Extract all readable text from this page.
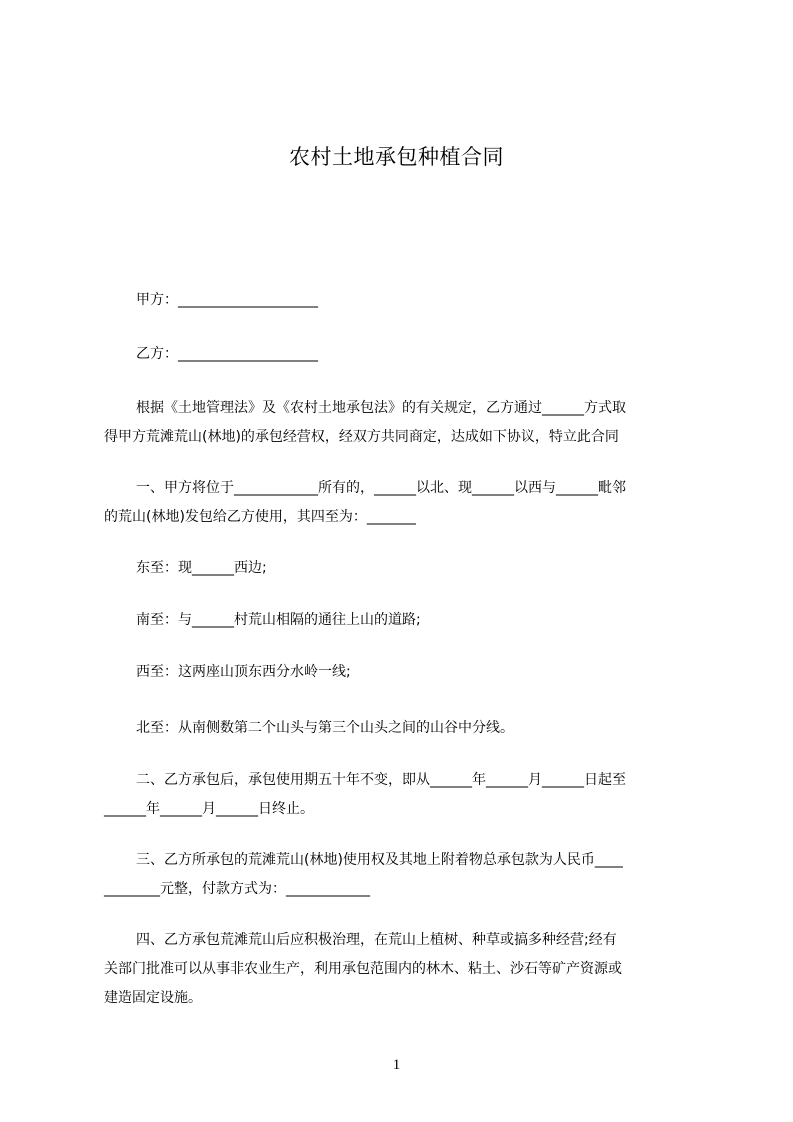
农村土地承包种植合同
甲方：____________________
乙方：____________________
根据《土地管理法》及《农村土地承包法》的有关规定，乙方通过______方式取
得甲方荒滩荒山(林地)的承包经营权，经双方共同商定，达成如下协议，特立此合同
一、甲方将位于____________所有的，______以北、现______以西与______毗邻
的荒山(林地)发包给乙方使用，其四至为：_______
东至：现______西边;
南至：与______村荒山相隔的通往上山的道路;
西至：这两座山顶东西分水岭一线;
北至：从南侧数第二个山头与第三个山头之间的山谷中分线。
二、乙方承包后，承包使用期五十年不变，即从______年______月______日起至
______年______月______日终止。
三、乙方所承包的荒滩荒山(林地)使用权及其地上附着物总承包款为人民币____
________元整，付款方式为：____________
四、乙方承包荒滩荒山后应积极治理，在荒山上植树、种草或搞多种经营;经有
关部门批准可以从事非农业生产，利用承包范围内的林木、粘土、沙石等矿产资源或
建造固定设施。
1
